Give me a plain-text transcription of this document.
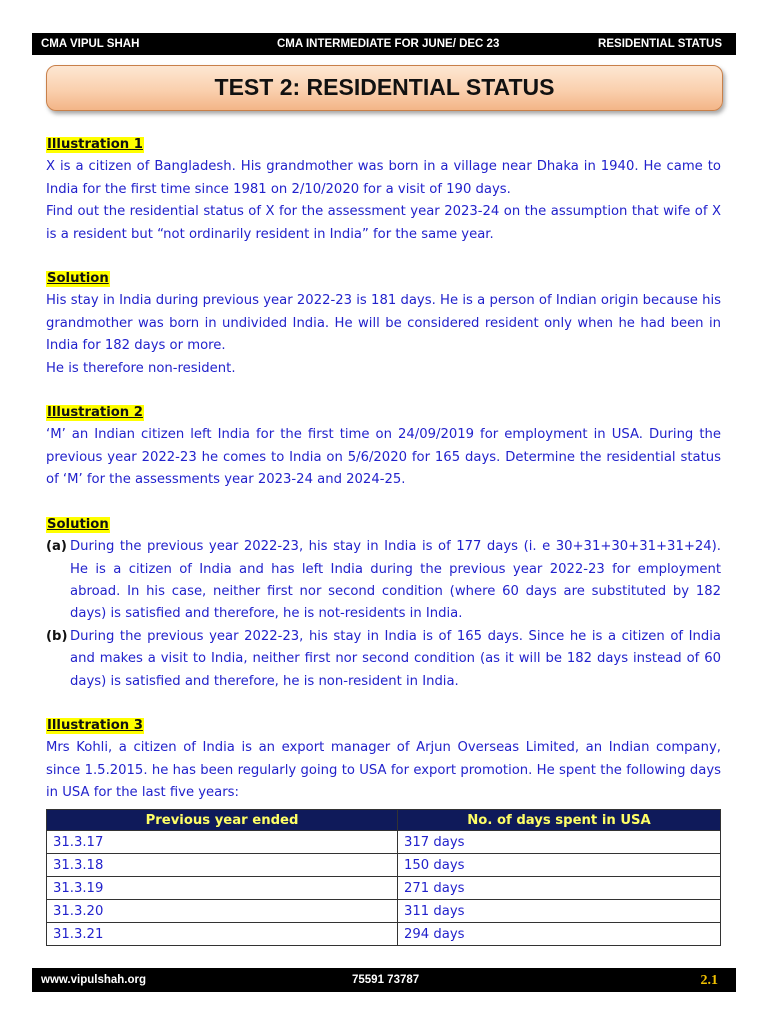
CMA VIPUL SHAH	CMA INTERMEDIATE FOR JUNE/ DEC 23	RESIDENTIAL STATUS
TEST 2: RESIDENTIAL STATUS
Illustration 1

X is a citizen of Bangladesh. His grandmother was born in a village near Dhaka in 1940. He came to India for the first time since 1981 on 2/10/2020 for a visit of 190 days.

Find out the residential status of X for the assessment year 2023-24 on the assumption that wife of X is a resident but “not ordinarily resident in India” for the same year.

Solution

His stay in India during previous year 2022-23 is 181 days. He is a person of Indian origin because his grandmother was born in undivided India. He will be considered resident only when he had been in India for 182 days or more.

He is therefore non-resident.

Illustration 2

‘M’ an Indian citizen left India for the first time on 24/09/2019 for employment in USA. During the previous year 2022-23 he comes to India on 5/6/2020 for 165 days. Determine the residential status of ‘M’ for the assessments year 2023-24 and 2024-25.

Solution
(a) During the previous year 2022-23, his stay in India is of 177 days (i. e 30+31+30+31+31+24). He is a citizen of India and has left India during the previous year 2022-23 for employment abroad. In his case, neither first nor second condition (where 60 days are substituted by 182 days) is satisfied and therefore, he is not-residents in India.
(b) During the previous year 2022-23, his stay in India is of 165 days. Since he is a citizen of India and makes a visit to India, neither first nor second condition (as it will be 182 days instead of 60 days) is satisfied and therefore, he is non-resident in India.
Illustration 3

Mrs Kohli, a citizen of India is an export manager of Arjun Overseas Limited, an Indian company, since 1.5.2015. he has been regularly going to USA for export promotion. He spent the following days in USA for the last five years:

Previous year ended	No. of days spent in USA
31.3.17	317 days
31.3.18	150 days
31.3.19	271 days
31.3.20	311 days
31.3.21	294 days
www.vipulshah.org	75591 73787	2.1
